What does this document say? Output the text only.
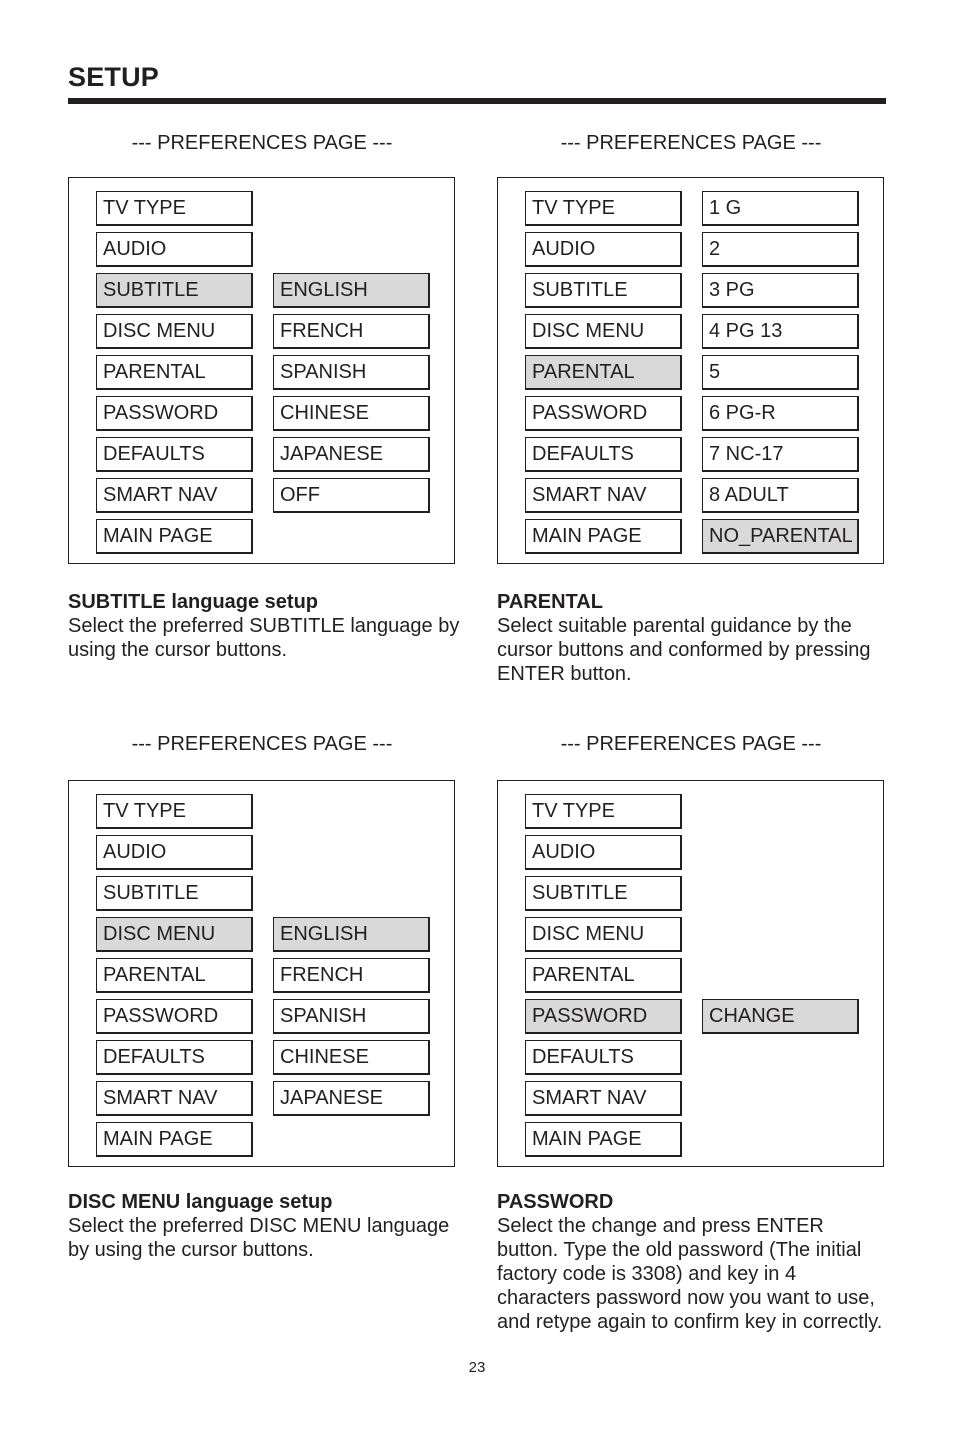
SETUP
--- PREFERENCES PAGE ---
TV TYPE
AUDIO
SUBTITLE
DISC MENU
PARENTAL
PASSWORD
DEFAULTS
SMART NAV
MAIN PAGE
ENGLISH
FRENCH
SPANISH
CHINESE
JAPANESE
OFF
SUBTITLE language setup
Select the preferred SUBTITLE language by using the cursor buttons.
--- PREFERENCES PAGE ---
TV TYPE
AUDIO
SUBTITLE
DISC MENU
PARENTAL
PASSWORD
DEFAULTS
SMART NAV
MAIN PAGE
1 G
2
3 PG
4 PG 13
5
6 PG-R
7 NC-17
8 ADULT
NO_PARENTAL
PARENTAL
Select suitable parental guidance by the cursor buttons and conformed by pressing ENTER button.
--- PREFERENCES PAGE ---
TV TYPE
AUDIO
SUBTITLE
DISC MENU
PARENTAL
PASSWORD
DEFAULTS
SMART NAV
MAIN PAGE
ENGLISH
FRENCH
SPANISH
CHINESE
JAPANESE
DISC MENU language setup
Select the preferred DISC MENU language by using the cursor buttons.
--- PREFERENCES PAGE ---
TV TYPE
AUDIO
SUBTITLE
DISC MENU
PARENTAL
PASSWORD
DEFAULTS
SMART NAV
MAIN PAGE
CHANGE
PASSWORD
Select the change and press ENTER button. Type the old password (The initial factory code is 3308) and key in 4 characters password now you want to use, and retype again to confirm key in correctly.
23
